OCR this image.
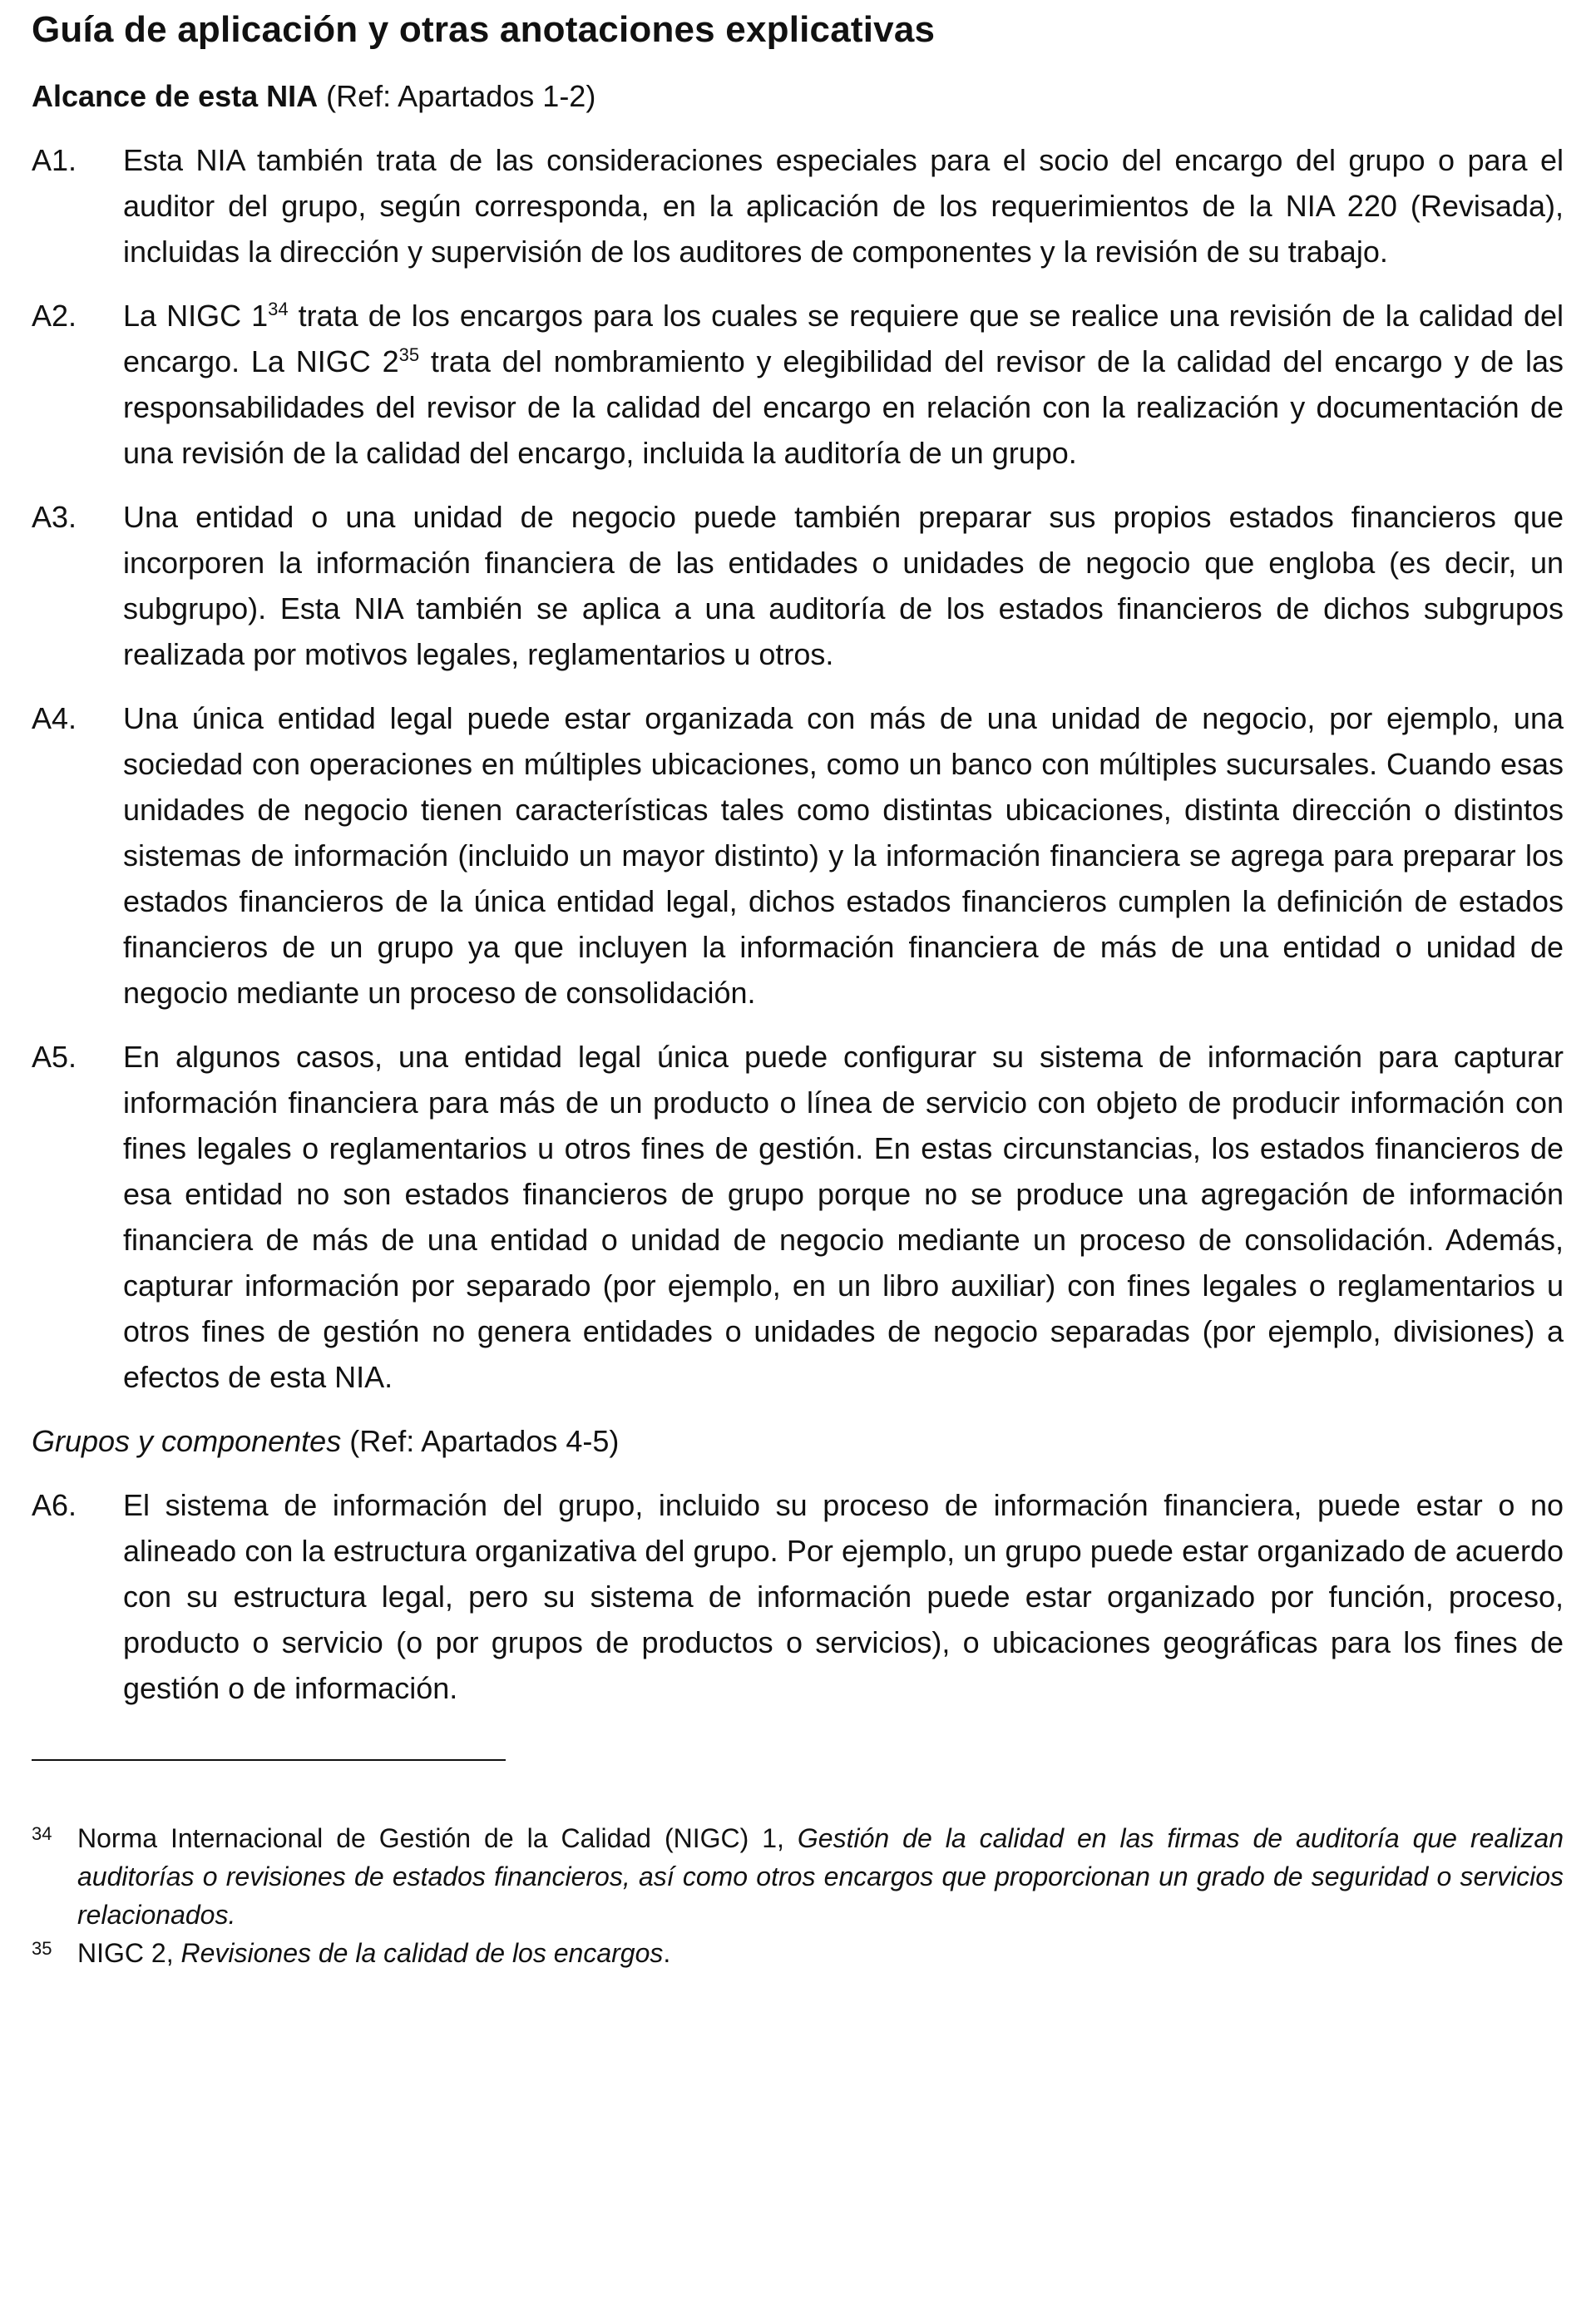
Guía de aplicación y otras anotaciones explicativas
Alcance de esta NIA (Ref: Apartados 1-2)
A1.	Esta NIA también trata de las consideraciones especiales para el socio del encargo del grupo o para el auditor del grupo, según corresponda, en la aplicación de los requerimientos de la NIA 220 (Revisada), incluidas la dirección y supervisión de los auditores de componentes y la revisión de su trabajo.
A2.	La NIGC $1^{34}$ trata de los encargos para los cuales se requiere que se realice una revisión de la calidad del encargo. La NIGC $2^{35}$ trata del nombramiento y elegibilidad del revisor de la calidad del encargo y de las responsabilidades del revisor de la calidad del encargo en relación con la realización y documentación de una revisión de la calidad del encargo, incluida la auditoría de un grupo.
A3.	Una entidad o una unidad de negocio puede también preparar sus propios estados financieros que incorporen la información financiera de las entidades o unidades de negocio que engloba (es decir, un subgrupo). Esta NIA también se aplica a una auditoría de los estados financieros de dichos subgrupos realizada por motivos legales, reglamentarios u otros.
A4.	Una única entidad legal puede estar organizada con más de una unidad de negocio, por ejemplo, una sociedad con operaciones en múltiples ubicaciones, como un banco con múltiples sucursales. Cuando esas unidades de negocio tienen características tales como distintas ubicaciones, distinta dirección o distintos sistemas de información (incluido un mayor distinto) y la información financiera se agrega para preparar los estados financieros de la única entidad legal, dichos estados financieros cumplen la definición de estados financieros de un grupo ya que incluyen la información financiera de más de una entidad o unidad de negocio mediante un proceso de consolidación.
A5.	En algunos casos, una entidad legal única puede configurar su sistema de información para capturar información financiera para más de un producto o línea de servicio con objeto de producir información con fines legales o reglamentarios u otros fines de gestión. En estas circunstancias, los estados financieros de esa entidad no son estados financieros de grupo porque no se produce una agregación de información financiera de más de una entidad o unidad de negocio mediante un proceso de consolidación. Además, capturar información por separado (por ejemplo, en un libro auxiliar) con fines legales o reglamentarios u otros fines de gestión no genera entidades o unidades de negocio separadas (por ejemplo, divisiones) a efectos de esta NIA.
Grupos y componentes (Ref: Apartados 4-5)
A6.	El sistema de información del grupo, incluido su proceso de información financiera, puede estar o no alineado con la estructura organizativa del grupo. Por ejemplo, un grupo puede estar organizado de acuerdo con su estructura legal, pero su sistema de información puede estar organizado por función, proceso, producto o servicio (o por grupos de productos o servicios), o ubicaciones geográficas para los fines de gestión o de información.
34 Norma Internacional de Gestión de la Calidad (NIGC) 1, Gestión de la calidad en las firmas de auditoría que realizan auditorías o revisiones de estados financieros, así como otros encargos que proporcionan un grado de seguridad o servicios relacionados.
35 NIGC 2, Revisiones de la calidad de los encargos.
